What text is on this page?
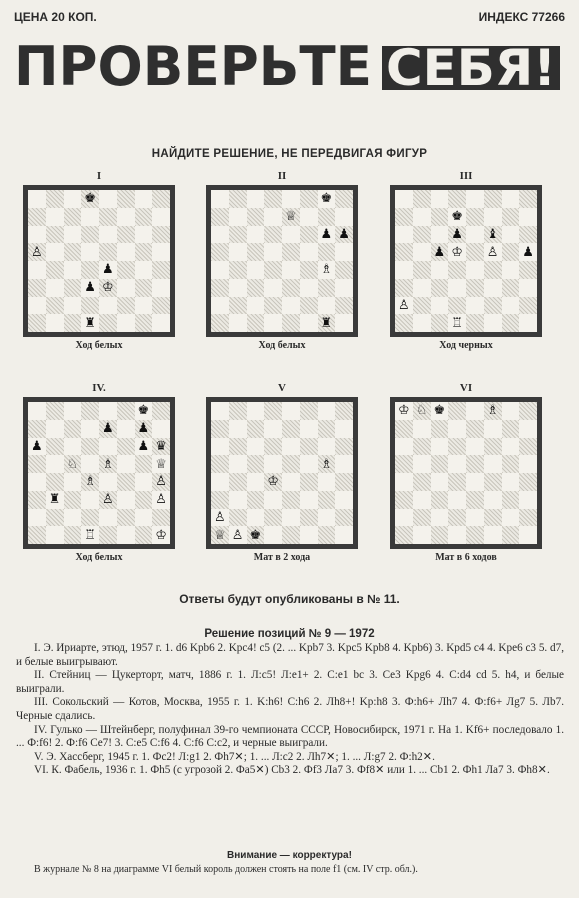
ЦЕНА 20 КОП.	ИНДЕКС 77266
ПРОВЕРЬТЕ СЕБЯ!
НАЙДИТЕ РЕШЕНИЕ, НЕ ПЕРЕДВИГАЯ ФИГУР
I
♚
♙
♟
♟ ♔
♜
Ход белых
II
♚
♕
♟ ♟
♗
♜
Ход белых
III
♚
♟ ♝
♟ ♔ ♙ ♟
♙
♖
Ход черных
IV.
♚
♟ ♟
♟	♟ ♛
♘ ♗	♕
♗	♙
♜	♙	♙
♖	♔
Ход белых
V
♗
♔
♙
♕ ♙ ♚
Мат в 2 хода
VI
♔ ♘ ♚	♗
Мат в 6 ходов
Ответы будут опубликованы в № 11.
Решение позиций № 9 — 1972

I. Э. Ириарте, этюд, 1957 г. 1. d6 Kpb6 2. Kpc4! c5 (2. ... Kpb7 3. Kpc5 Kpb8 4. Kpb6) 3. Kpd5 c4 4. Kpe6 c3 5. d7, и белые выигрывают.

II. Стейниц — Цукерторт, матч, 1886 г. 1. Л:c5! Л:e1+ 2. C:e1 bc 3. Ce3 Kpg6 4. C:d4 cd 5. h4, и белые выиграли.

III. Сокольский — Котов, Москва, 1955 г. 1. K:h6! C:h6 2. Лh8+! Kp:h8 3. Ф:h6+ Лh7 4. Ф:f6+ Лg7 5. Лb7. Черные сдались.

IV. Гулько — Штейнберг, полуфинал 39-го чемпионата СССР, Новосибирск, 1971 г. На 1. Kf6+ последовало 1. ... Ф:f6! 2. Ф:f6 Ce7! 3. C:e5 C:f6 4. C:f6 C:c2, и черные выиграли.

V. Э. Хассберг, 1945 г. 1. Фc2! Л:g1 2. Фh7✕; 1. ... Л:c2 2. Лh7✕; 1. ... Л:g7 2. Ф:h2✕.

VI. К. Фабель, 1936 г. 1. Фh5 (с угрозой 2. Фа5✕) Cb3 2. Фf3 Ла7 3. Фf8✕ или 1. ... Cb1 2. Фh1 Ла7 3. Фh8✕.

Внимание — корректура!
В журнале № 8 на диаграмме VI белый король должен стоять на поле f1 (см. IV стр. обл.).
